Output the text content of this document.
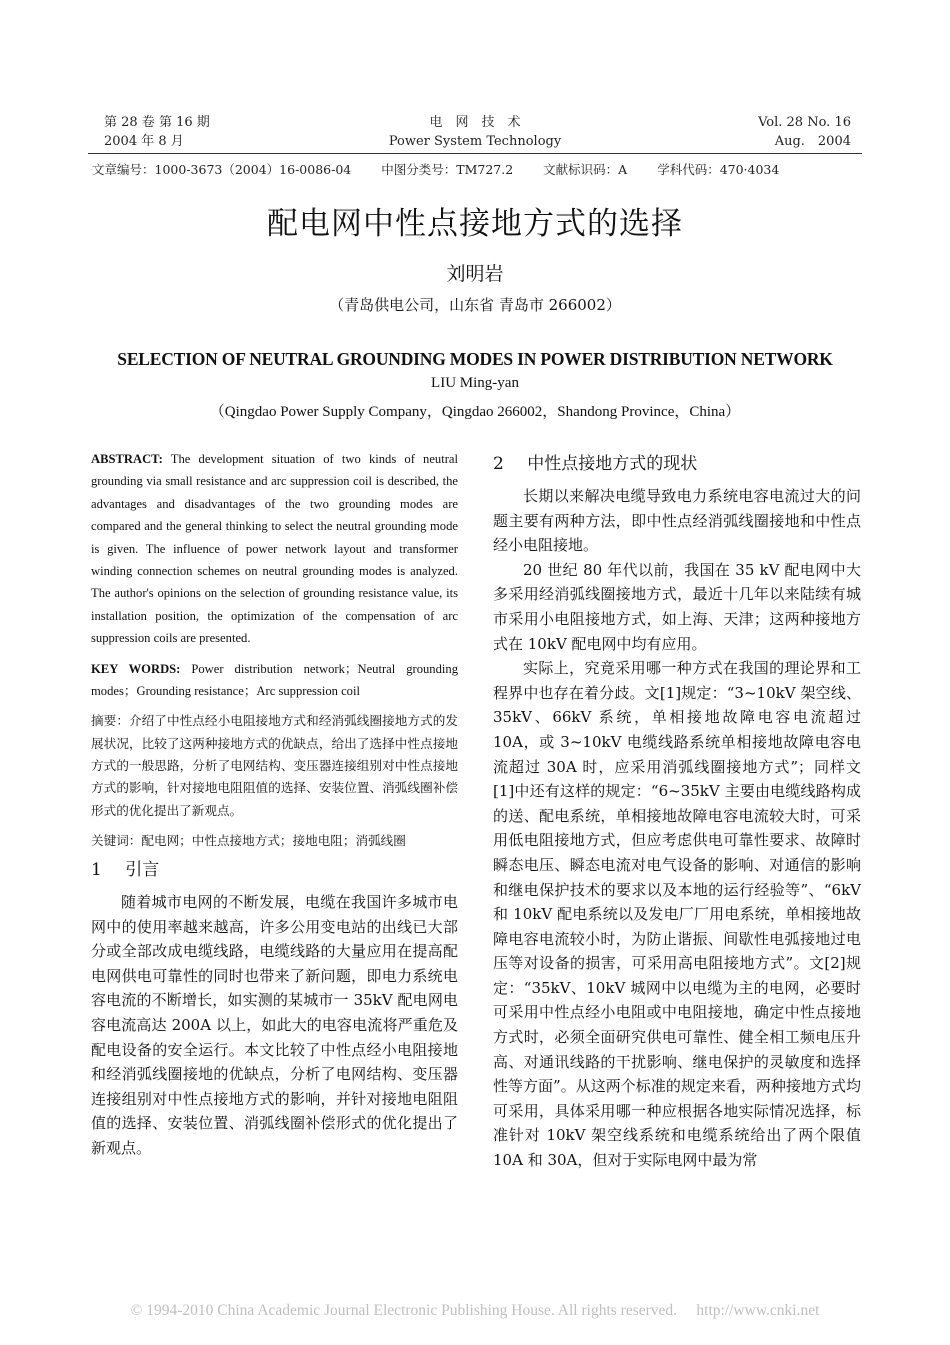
第 28 卷 第 16 期
2004 年 8 月
电　网　技　术
Power System Technology
Vol. 28 No. 16
Aug.　2004
文章编号：1000-3673（2004）16-0086-04 中图分类号：TM727.2 文献标识码：A 学科代码：470·4034
配电网中性点接地方式的选择
刘明岩
（青岛供电公司，山东省 青岛市 266002）
SELECTION OF NEUTRAL GROUNDING MODES IN POWER DISTRIBUTION NETWORK
LIU Ming-yan
（Qingdao Power Supply Company，Qingdao 266002，Shandong Province，China）

ABSTRACT: The development situation of two kinds of neutral grounding via small resistance and arc suppression coil is described, the advantages and disadvantages of the two grounding modes are compared and the general thinking to select the neutral grounding mode is given. The influence of power network layout and transformer winding connection schemes on neutral grounding modes is analyzed. The author's opinions on the selection of grounding resistance value, its installation position, the optimization of the compensation of arc suppression coils are presented.

KEY WORDS: Power distribution network；Neutral grounding modes；Grounding resistance；Arc suppression coil

摘要：介绍了中性点经小电阻接地方式和经消弧线圈接地方式的发展状况，比较了这两种接地方式的优缺点，给出了选择中性点接地方式的一般思路，分析了电网结构、变压器连接组别对中性点接地方式的影响，针对接地电阻阻值的选择、安装位置、消弧线圈补偿形式的优化提出了新观点。

关键词：配电网；中性点接地方式；接地电阻；消弧线圈

1 引言

随着城市电网的不断发展，电缆在我国许多城市电网中的使用率越来越高，许多公用变电站的出线已大部分或全部改成电缆线路，电缆线路的大量应用在提高配电网供电可靠性的同时也带来了新问题，即电力系统电容电流的不断增长，如实测的某城市一 35kV 配电网电容电流高达 200A 以上，如此大的电容电流将严重危及配电设备的安全运行。本文比较了中性点经小电阻接地和经消弧线圈接地的优缺点，分析了电网结构、变压器连接组别对中性点接地方式的影响，并针对接地电阻阻值的选择、安装位置、消弧线圈补偿形式的优化提出了新观点。

2 中性点接地方式的现状

长期以来解决电缆导致电力系统电容电流过大的问题主要有两种方法，即中性点经消弧线圈接地和中性点经小电阻接地。

20 世纪 80 年代以前，我国在 35 kV 配电网中大多采用经消弧线圈接地方式，最近十几年以来陆续有城市采用小电阻接地方式，如上海、天津；这两种接地方式在 10kV 配电网中均有应用。

实际上，究竟采用哪一种方式在我国的理论界和工程界中也存在着分歧。文[1]规定：“3~10kV 架空线、35kV、66kV 系统，单相接地故障电容电流超过 10A，或 3~10kV 电缆线路系统单相接地故障电容电流超过 30A 时，应采用消弧线圈接地方式”；同样文[1]中还有这样的规定：“6~35kV 主要由电缆线路构成的送、配电系统，单相接地故障电容电流较大时，可采用低电阻接地方式，但应考虑供电可靠性要求、故障时瞬态电压、瞬态电流对电气设备的影响、对通信的影响和继电保护技术的要求以及本地的运行经验等”、“6kV 和 10kV 配电系统以及发电厂厂用电系统，单相接地故障电容电流较小时，为防止谐振、间歇性电弧接地过电压等对设备的损害，可采用高电阻接地方式”。文[2]规定：“35kV、10kV 城网中以电缆为主的电网，必要时可采用中性点经小电阻或中电阻接地，确定中性点接地方式时，必须全面研究供电可靠性、健全相工频电压升高、对通讯线路的干扰影响、继电保护的灵敏度和选择性等方面”。从这两个标准的规定来看，两种接地方式均可采用，具体采用哪一种应根据各地实际情况选择，标准针对 10kV 架空线系统和电缆系统给出了两个限值 10A 和 30A，但对于实际电网中最为常

© 1994-2010 China Academic Journal Electronic Publishing House. All rights reserved.　 http://www.cnki.net
